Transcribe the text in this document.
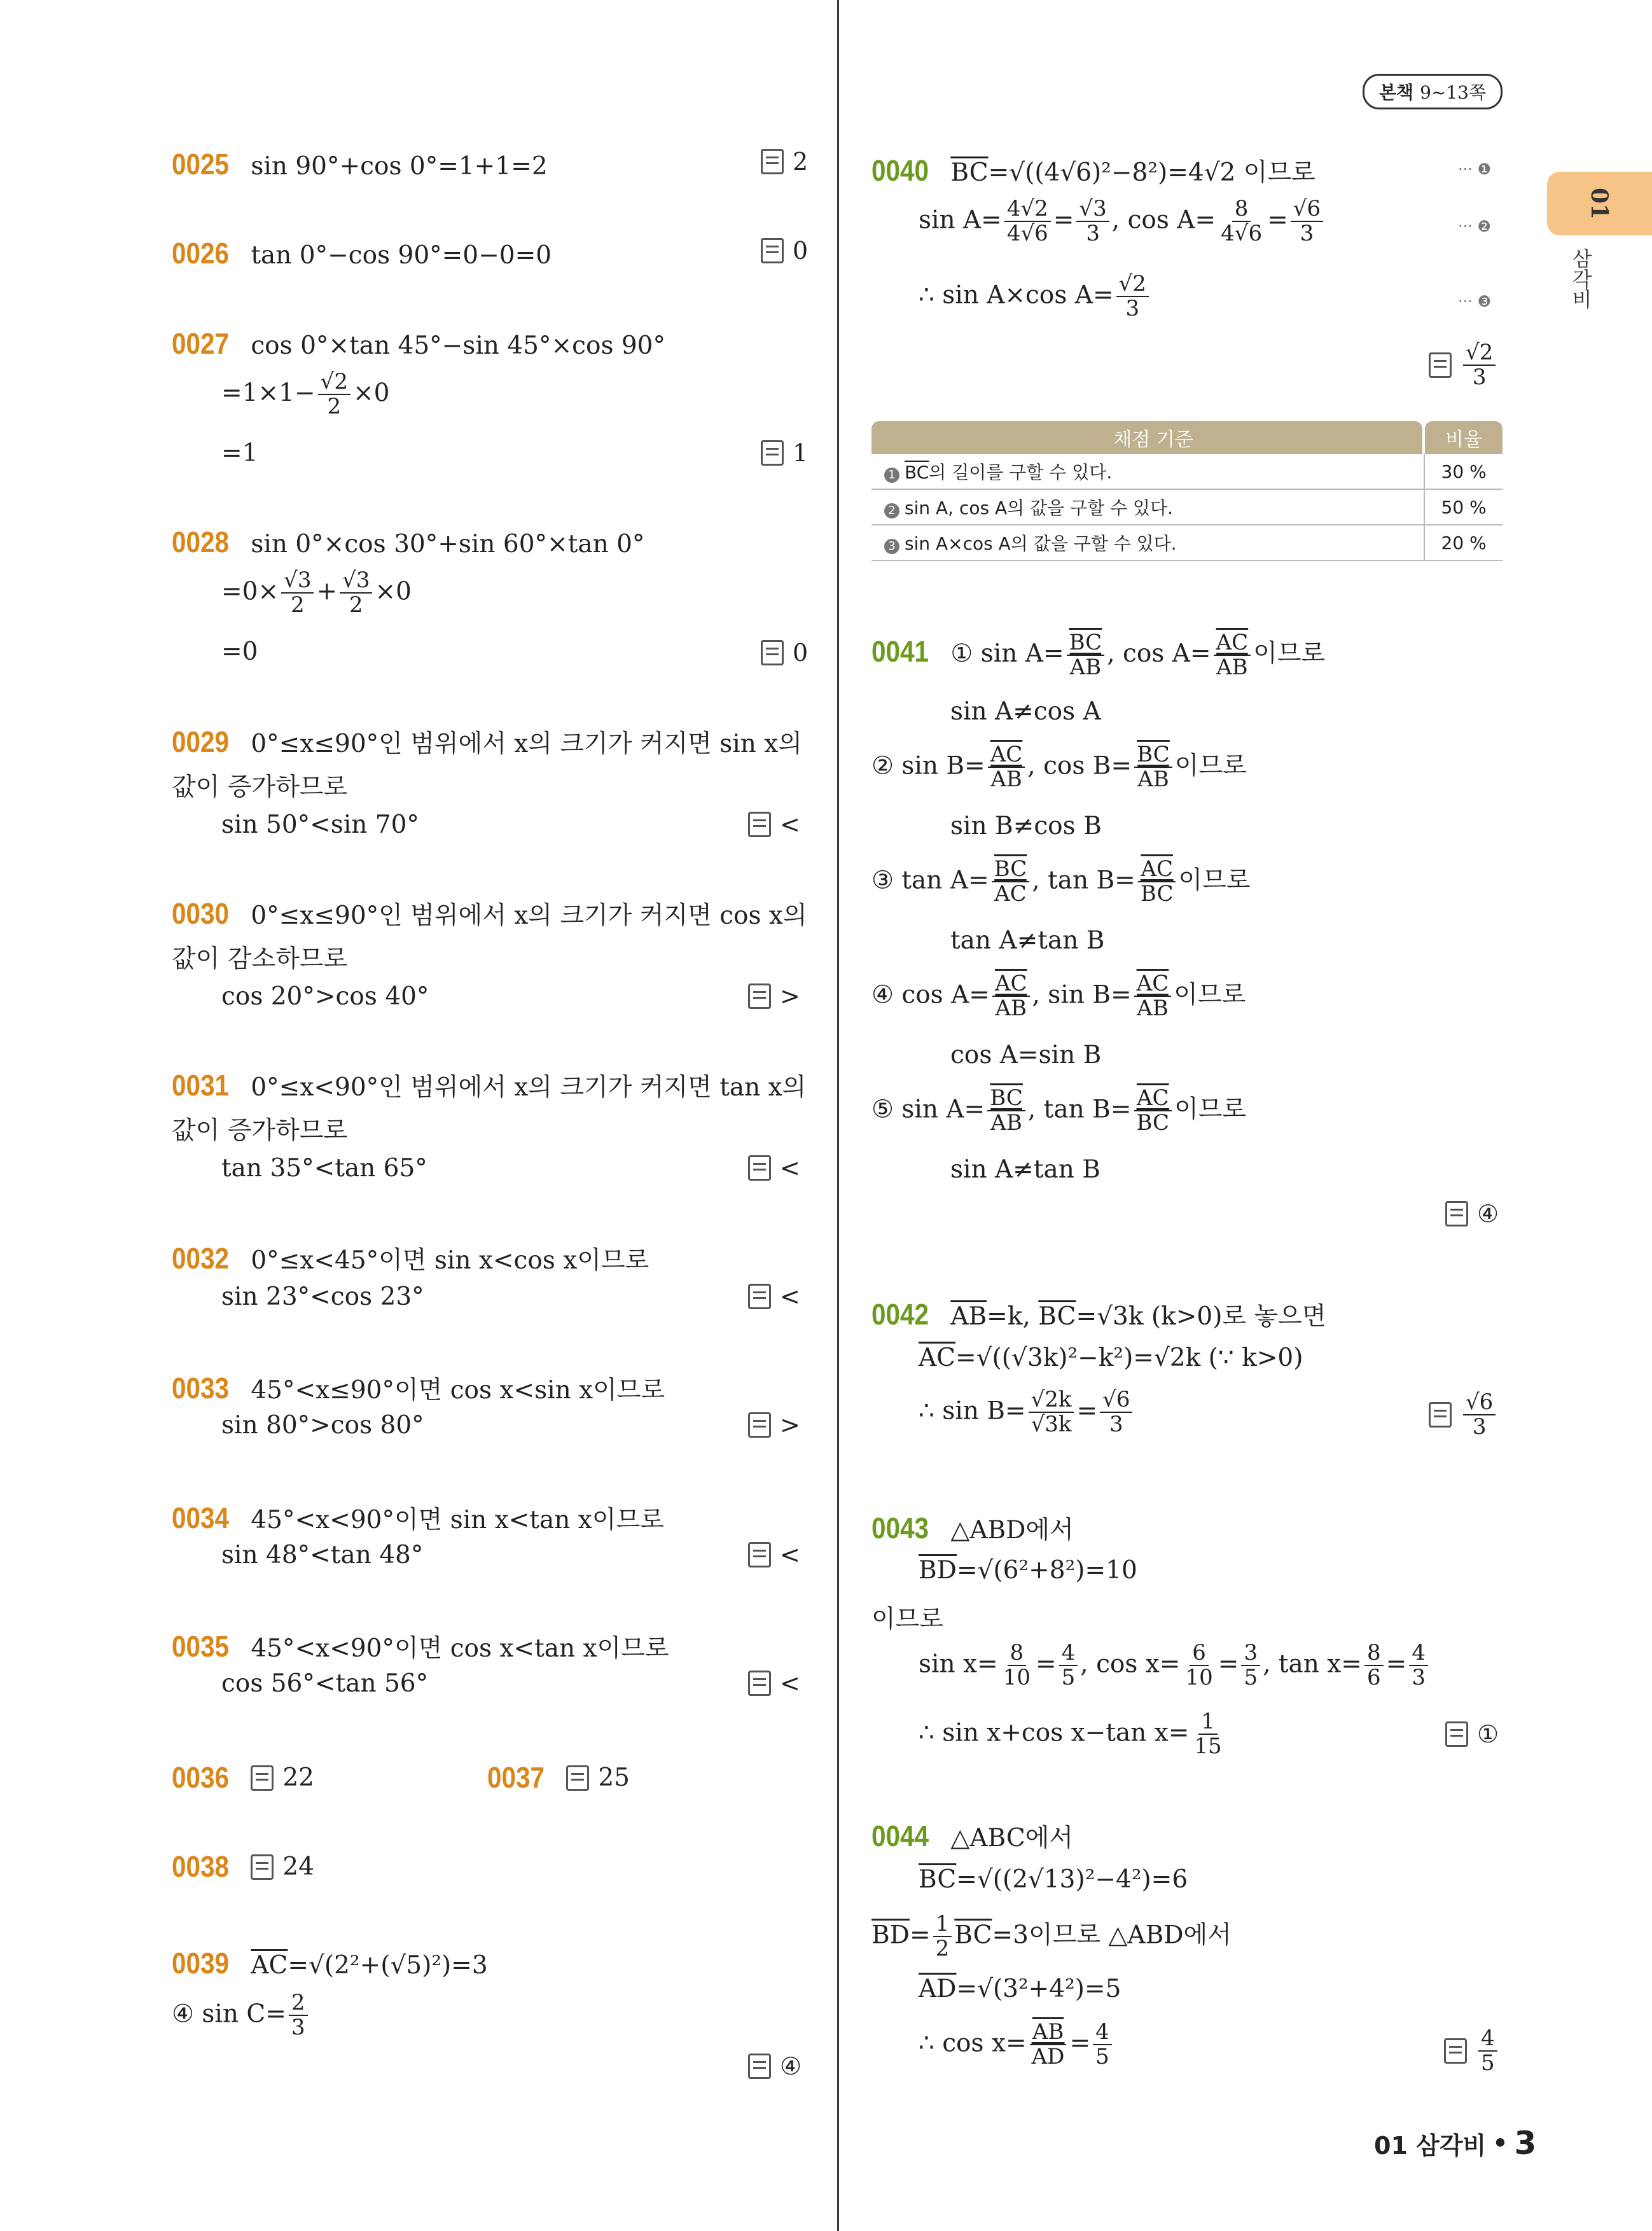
본책 9~13쪽
01
삼각비
0025 sin 90°+cos 0°=1+1=2	2
0026 tan 0°−cos 90°=0−0=0	0
0027 cos 0°×tan 45°−sin 45°×cos 90°
$=1\times 1- \frac{√2}{2} \times 0$
=1	1
0028 sin 0°×cos 30°+sin 60°×tan 0°
$=0\times \frac{√3}{2} + \frac{√3}{2} \times 0$
=0	0
0029 0°≤x≤90°인 범위에서 x의 크기가 커지면 sin x의
값이 증가하므로
sin 50°<sin 70°	<
0030 0°≤x≤90°인 범위에서 x의 크기가 커지면 cos x의
값이 감소하므로
cos 20°>cos 40°	>
0031 0°≤x<90°인 범위에서 x의 크기가 커지면 tan x의
값이 증가하므로
tan 35°<tan 65°	<
0032 0°≤x<45°이면 sin x<cos x이므로
sin 23°<cos 23°	<
0033 45°<x≤90°이면 cos x<sin x이므로
sin 80°>cos 80°	>
0034 45°<x<90°이면 sin x<tan x이므로
sin 48°<tan 48°	<
0035 45°<x<90°이면 cos x<tan x이므로
cos 56°<tan 56°	<
0036 22	0037 25
0038 24
0039 $\overline{AC}=√(2^2+(√5)^2)=3$
④ $\sin C= \frac{2}{3}$
④
0040 $\overline{BC}=√((4√6)^2-8^2)=4√2$ 이므로	··· ❶
$\sin A= \frac{4√2}{4√6} = \frac{√3}{3}$ , $\cos A= \frac{8}{4√6} = \frac{√6}{3}$	··· ❷
∴ sin A×cos $A= \frac{√2}{3}$	··· ❸
$\frac{√2}{3}$
채점 기준	비율
1 $\overline{BC}$의 길이를 구할 수 있다.	30 %
2 sin A, cos A의 값을 구할 수 있다.	50 %
3 sin A×cos A의 값을 구할 수 있다.	20 %
0041 ① $\sin A= \frac{\overline{BC}}{AB}$ , $\cos A= \frac{\overline{AC}}{AB}$ 이므로
sin A≠cos A
② $\sin B= \frac{\overline{AC}}{AB}$ , $\cos B= \frac{\overline{BC}}{AB}$ 이므로
sin B≠cos B
③ $\tan A= \frac{\overline{BC}}{AC}$ , $\tan B= \frac{\overline{AC}}{BC}$ 이므로
tan A≠tan B
④ $\cos A= \frac{\overline{AC}}{AB}$ , $\sin B= \frac{\overline{AC}}{AB}$ 이므로
cos A=sin B
⑤ $\sin A= \frac{\overline{BC}}{AB}$ , $\tan B= \frac{\overline{AC}}{BC}$ 이므로
sin A≠tan B
④
0042 $\overline{AB}=k$, $\overline{BC}=√3k$ (k>0)로 놓으면
$\overline{AC}=√((√3k)^2-k^2)=√2k$ (∵ k>0)
∴ $\sin B= \frac{√2k}{√3k} = \frac{√6}{3}$	$\frac{√6}{3}$
0043 △ABD에서
$\overline{BD}=√(6^2+8^2)=10$
이므로
$\sin x= \frac{8}{10} = \frac{4}{5}$ , $\cos x= \frac{6}{10} = \frac{3}{5}$ , $\tan x= \frac{8}{6} = \frac{4}{3}$
∴ sin x+cos x−tan $x= \frac{1}{15}$	①
0044 △ABC에서
$\overline{BC}=√((2√13)^2-4^2)=6$
$\overline{BD}= \frac{1}{2} \overline{BC}=3$이므로 △ABD에서
$\overline{AD}=√(3^2+4^2)=5$
∴ $\cos x= \frac{\overline{AB}}{AD} = \frac{4}{5}$	$\frac{4}{5}$
01 삼각비 • 3
